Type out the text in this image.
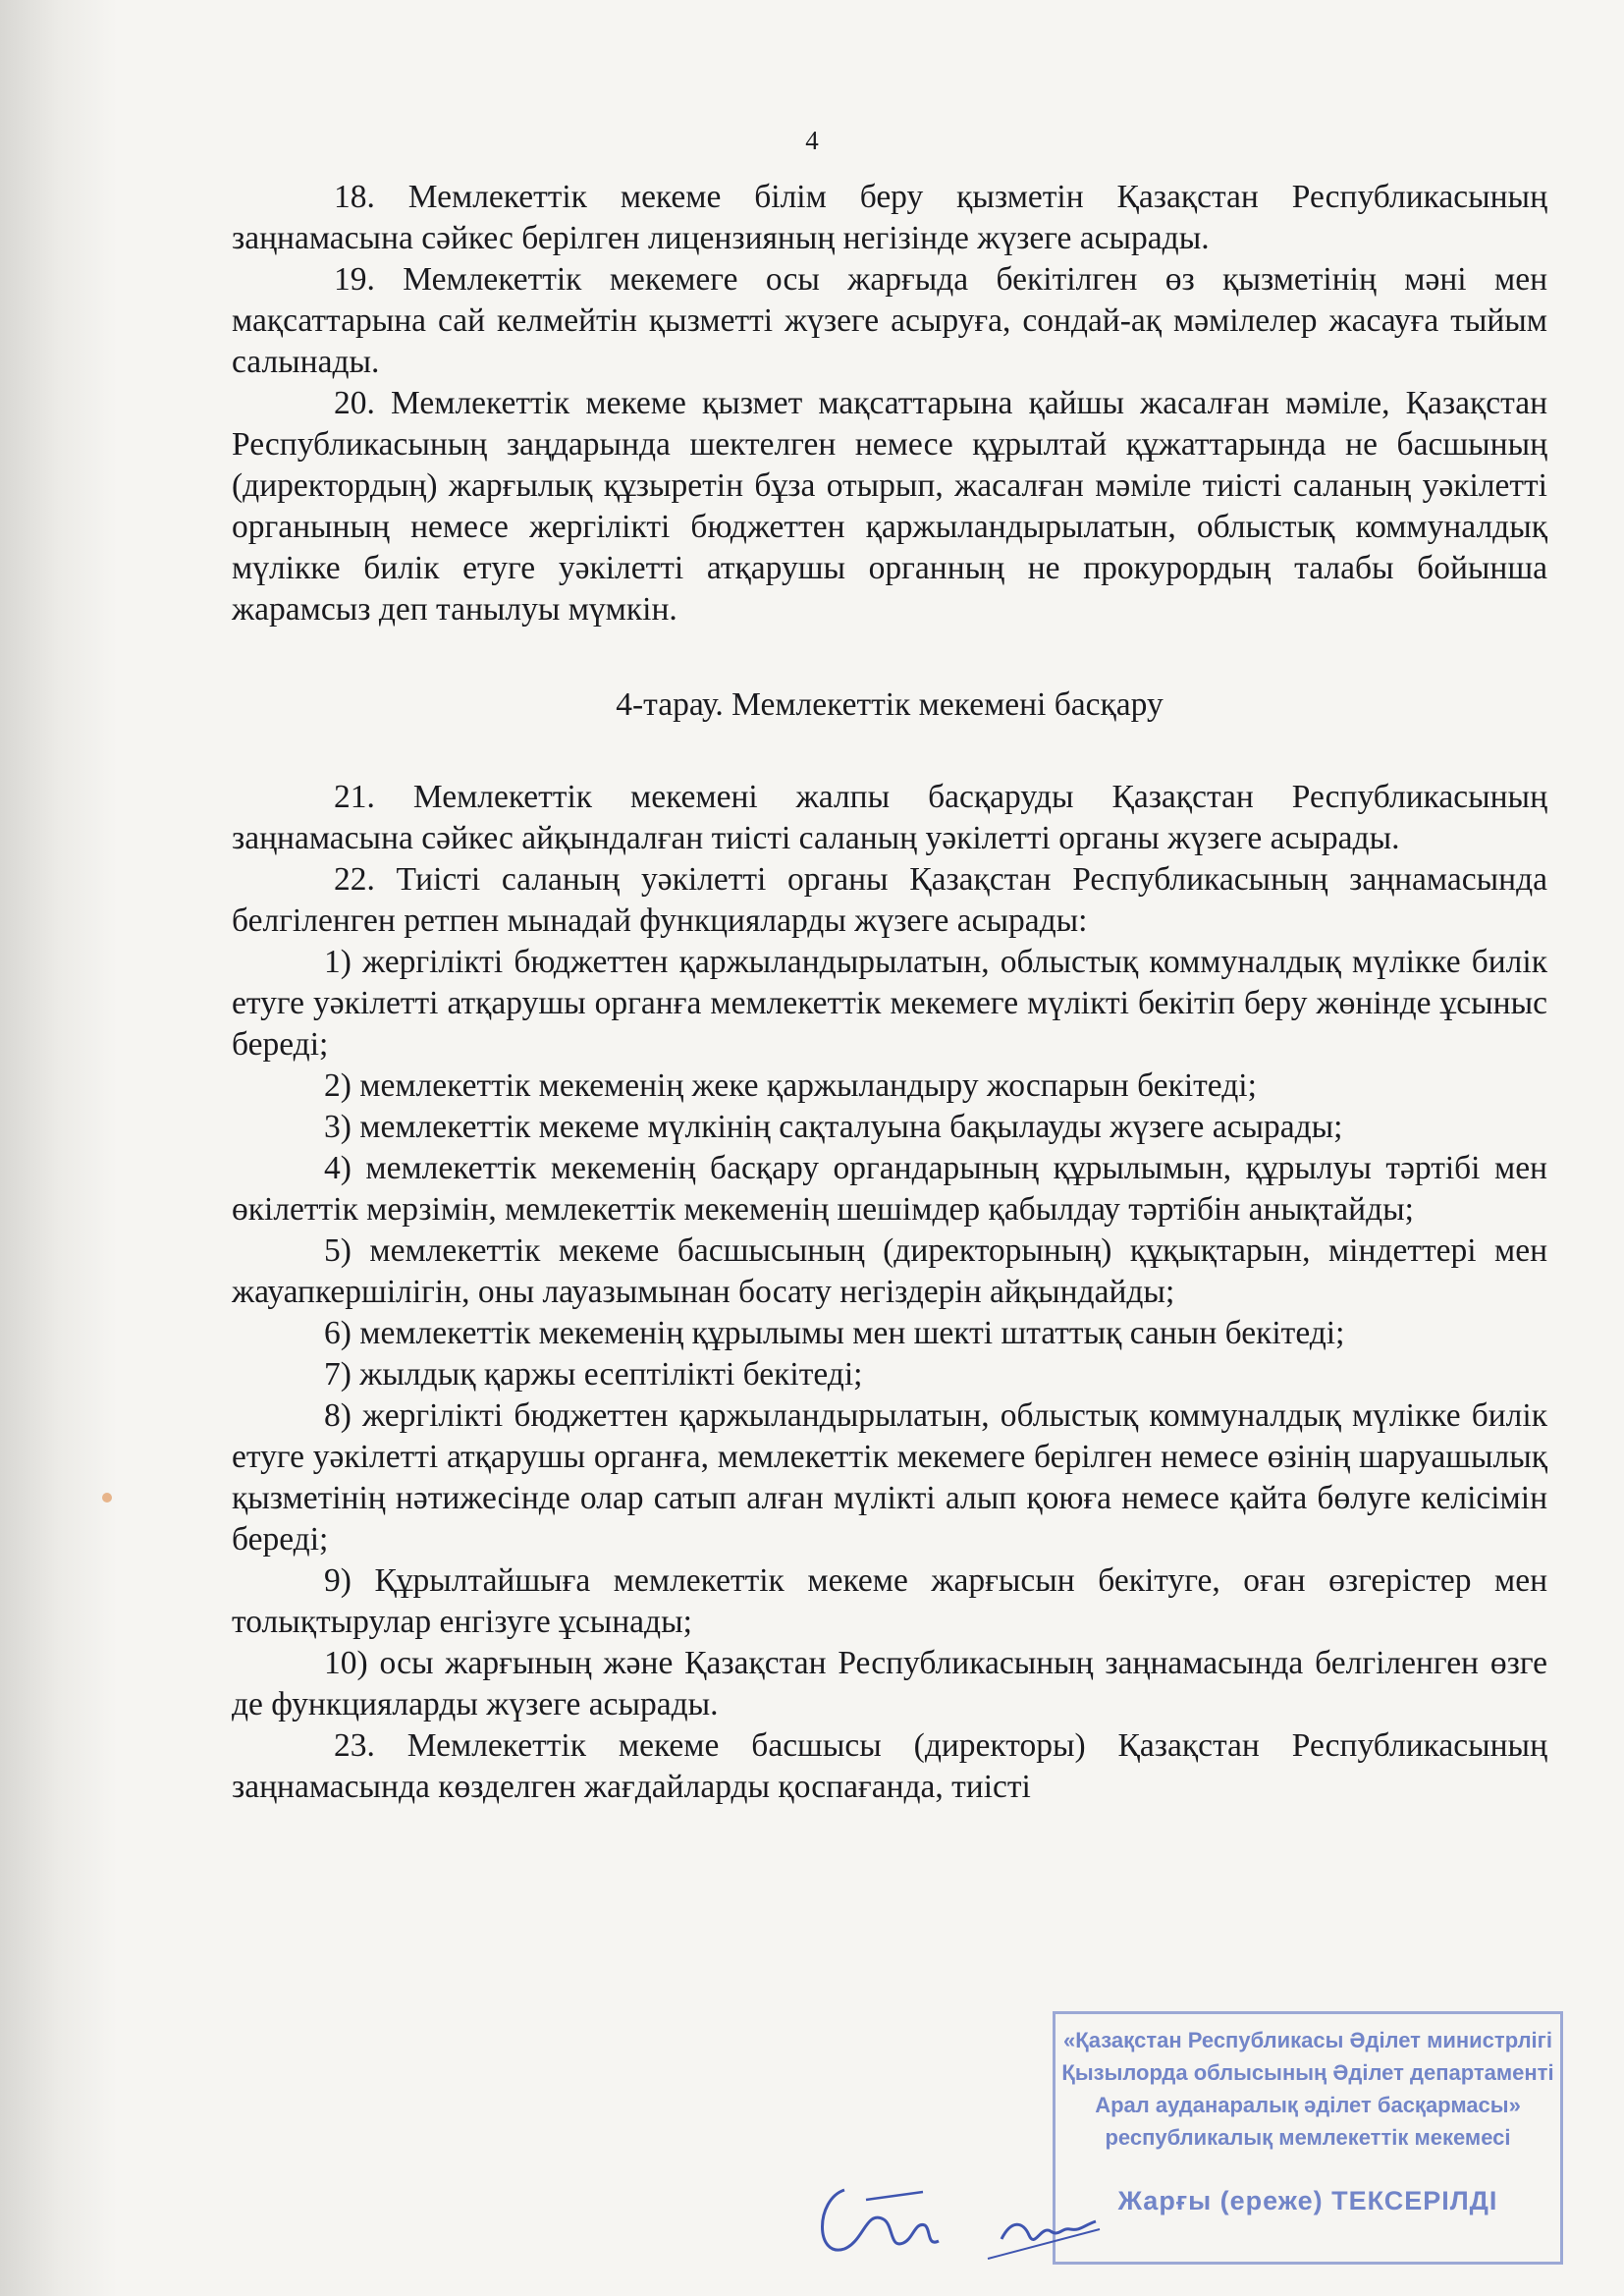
4

18. Мемлекеттік мекеме білім беру қызметін Қазақстан Республикасының заңнамасына сәйкес берілген лицензияның негізінде жүзеге асырады.

19. Мемлекеттік мекемеге осы жарғыда бекітілген өз қызметінің мәні мен мақсаттарына сай келмейтін қызметті жүзеге асыруға, сондай-ақ мәмілелер жасауға тыйым салынады.

20. Мемлекеттік мекеме қызмет мақсаттарына қайшы жасалған мәміле, Қазақстан Республикасының заңдарында шектелген немесе құрылтай құжаттарында не басшының (директордың) жарғылық құзыретін бұза отырып, жасалған мәміле тиісті саланың уәкілетті органының немесе жергілікті бюджеттен қаржыландырылатын, облыстық коммуналдық мүлікке билік етуге уәкілетті атқарушы органның не прокурордың талабы бойынша жарамсыз деп танылуы мүмкін.

4-тарау. Мемлекеттік мекемені басқару

21. Мемлекеттік мекемені жалпы басқаруды Қазақстан Республикасының заңнамасына сәйкес айқындалған тиісті саланың уәкілетті органы жүзеге асырады.

22. Тиісті саланың уәкілетті органы Қазақстан Республикасының заңнамасында белгіленген ретпен мынадай функцияларды жүзеге асырады:

1) жергілікті бюджеттен қаржыландырылатын, облыстық коммуналдық мүлікке билік етуге уәкілетті атқарушы органға мемлекеттік мекемеге мүлікті бекітіп беру жөнінде ұсыныс береді;

2) мемлекеттік мекеменің жеке қаржыландыру жоспарын бекітеді;

3) мемлекеттік мекеме мүлкінің сақталуына бақылауды жүзеге асырады;

4) мемлекеттік мекеменің басқару органдарының құрылымын, құрылуы тәртібі мен өкілеттік мерзімін, мемлекеттік мекеменің шешімдер қабылдау тәртібін анықтайды;

5) мемлекеттік мекеме басшысының (директорының) құқықтарын, міндеттері мен жауапкершілігін, оны лауазымынан босату негіздерін айқындайды;

6) мемлекеттік мекеменің құрылымы мен шекті штаттық санын бекітеді;

7) жылдық қаржы есептілікті бекітеді;

8) жергілікті бюджеттен қаржыландырылатын, облыстық коммуналдық мүлікке билік етуге уәкілетті атқарушы органға, мемлекеттік мекемеге берілген немесе өзінің шаруашылық қызметінің нәтижесінде олар сатып алған мүлікті алып қоюға немесе қайта бөлуге келісімін береді;

9) Құрылтайшыға мемлекеттік мекеме жарғысын бекітуге, оған өзгерістер мен толықтырулар енгізуге ұсынады;

10) осы жарғының және Қазақстан Республикасының заңнамасында белгіленген өзге де функцияларды жүзеге асырады.

23. Мемлекеттік мекеме басшысы (директоры) Қазақстан Республикасының заңнамасында көзделген жағдайларды қоспағанда, тиісті

«Қазақстан Республикасы Әділет министрлігі
Қызылорда облысының Әділет департаменті
Арал ауданаралық әділет басқармасы»
республикалық мемлекеттік мекемесі
Жарғы (ереже) ТЕКСЕРІЛДІ
